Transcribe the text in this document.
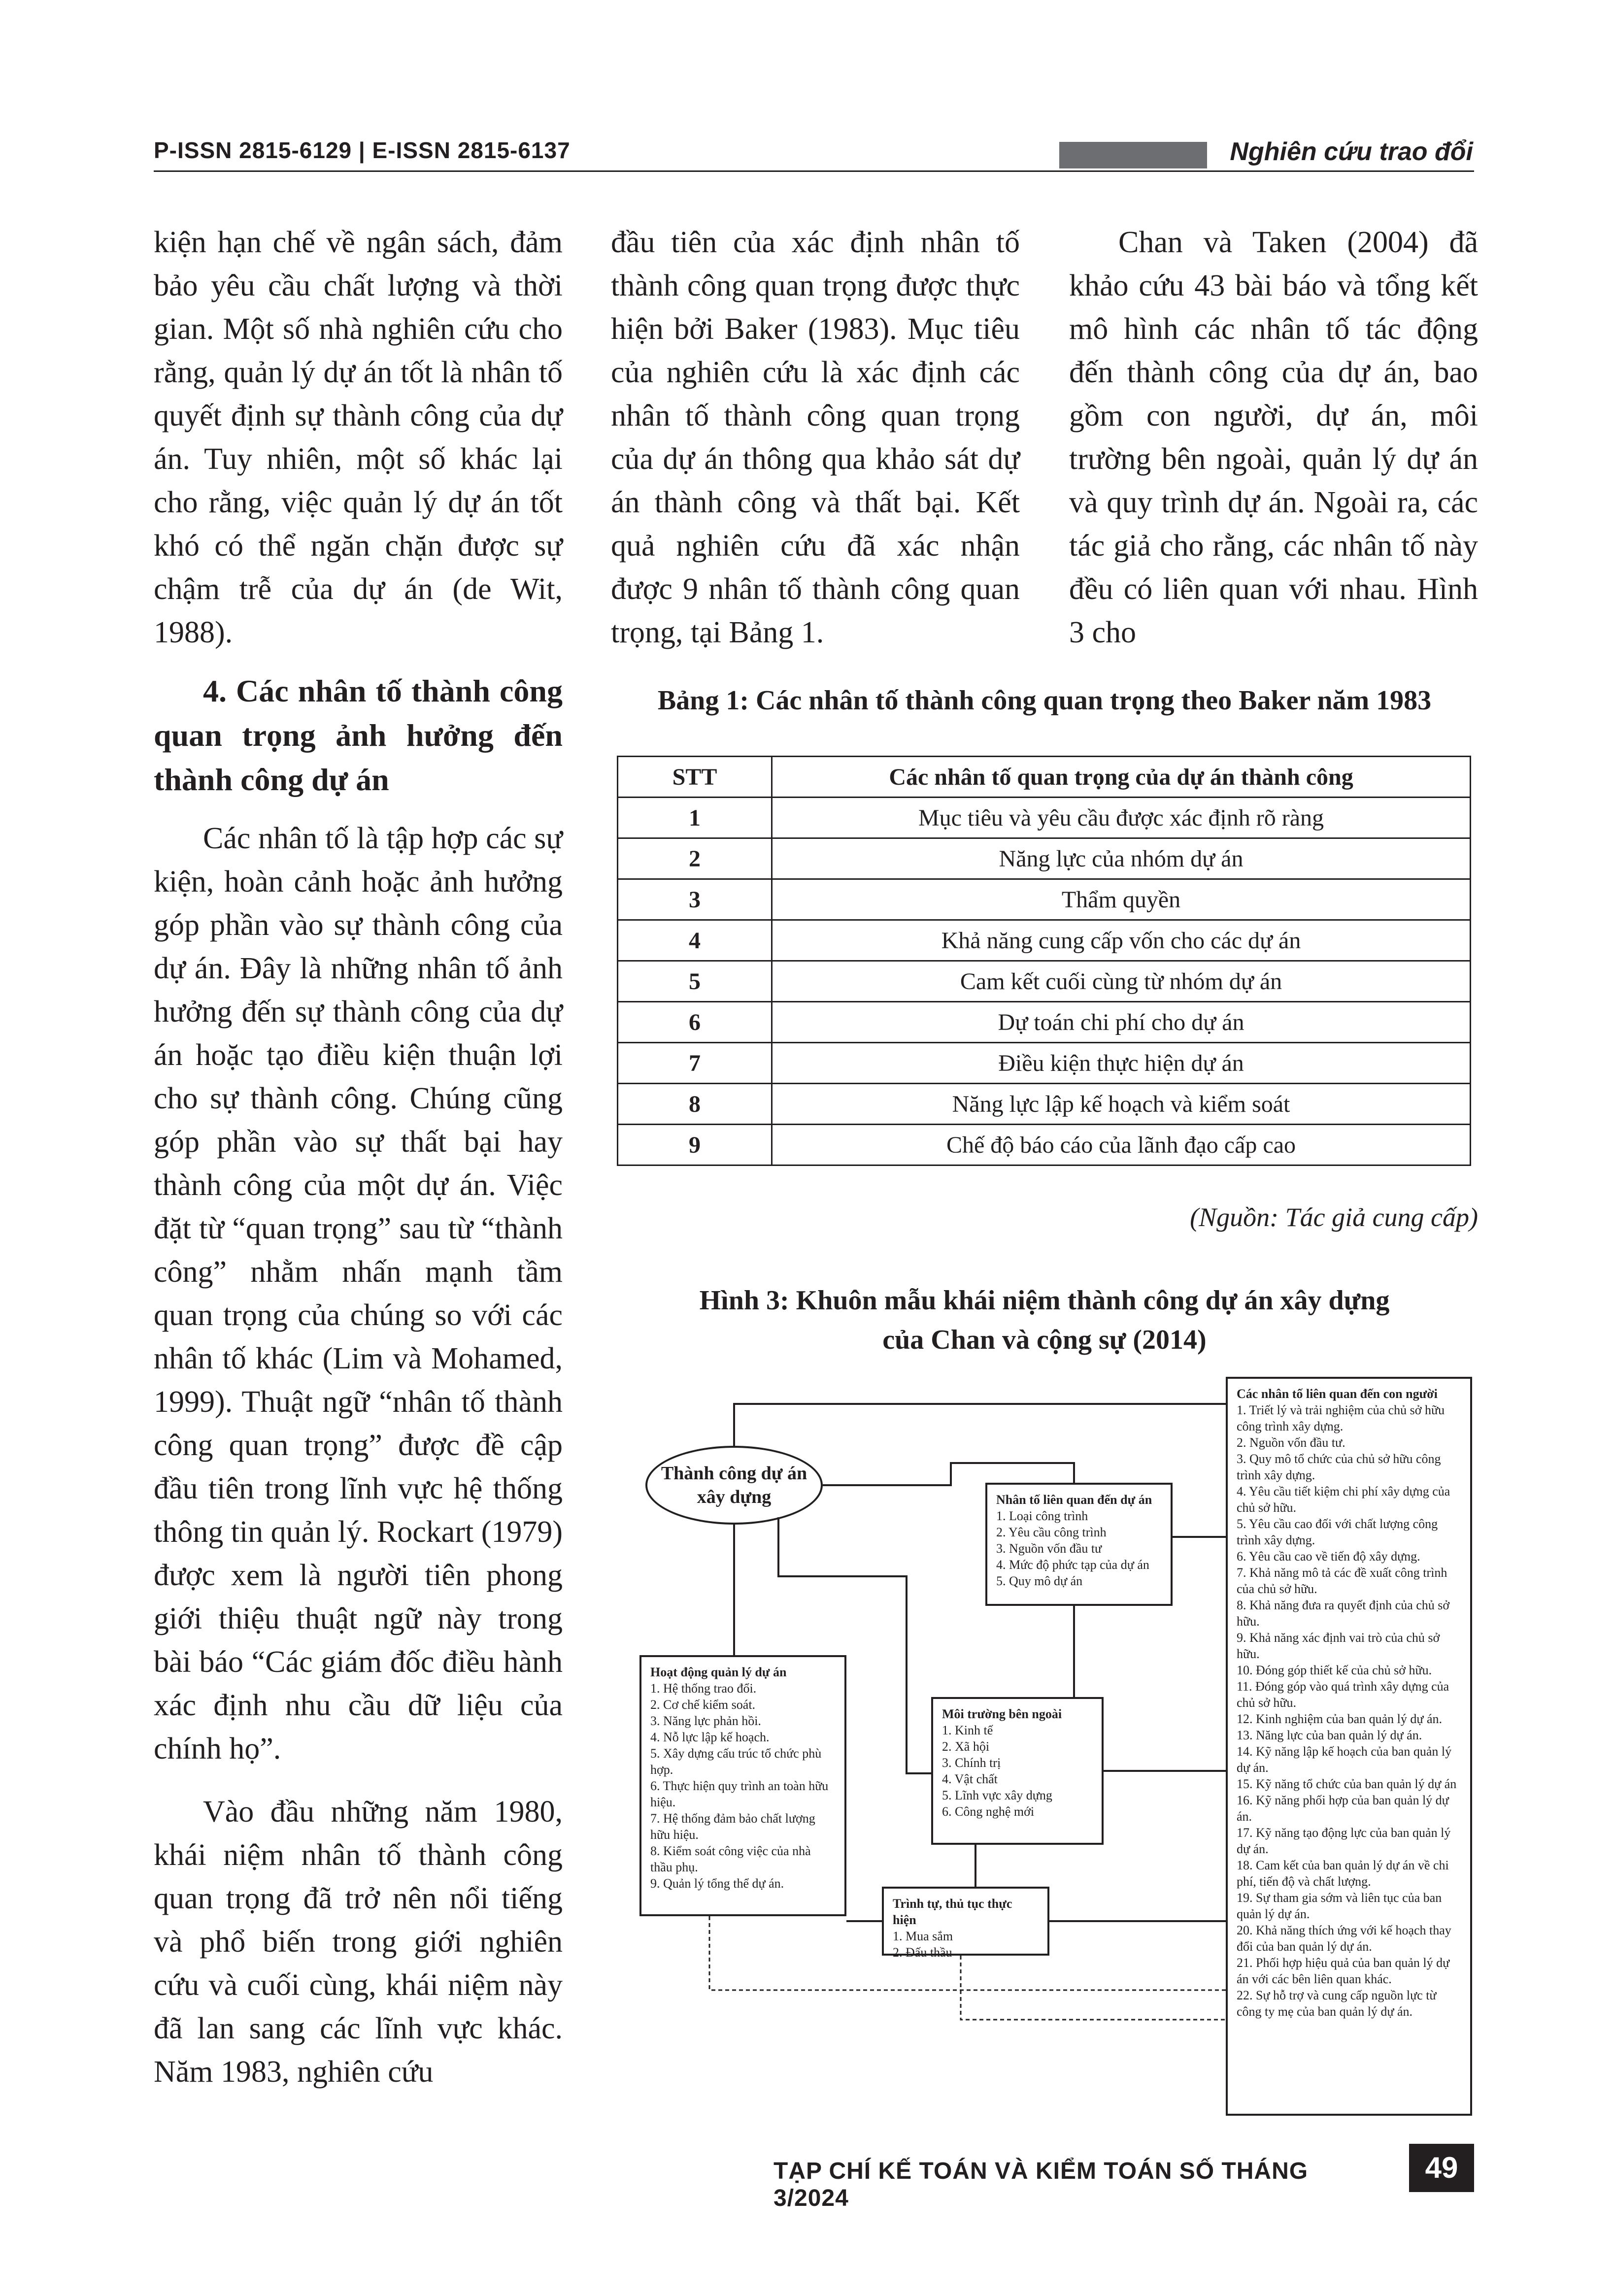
P-ISSN 2815-6129 | E-ISSN 2815-6137	Nghiên cứu trao đổi

kiện hạn chế về ngân sách, đảm bảo yêu cầu chất lượng và thời gian. Một số nhà nghiên cứu cho rằng, quản lý dự án tốt là nhân tố quyết định sự thành công của dự án. Tuy nhiên, một số khác lại cho rằng, việc quản lý dự án tốt khó có thể ngăn chặn được sự chậm trễ của dự án (de Wit, 1988).

4. Các nhân tố thành công quan trọng ảnh hưởng đến thành công dự án

Các nhân tố là tập hợp các sự kiện, hoàn cảnh hoặc ảnh hưởng góp phần vào sự thành công của dự án. Đây là những nhân tố ảnh hưởng đến sự thành công của dự án hoặc tạo điều kiện thuận lợi cho sự thành công. Chúng cũng góp phần vào sự thất bại hay thành công của một dự án. Việc đặt từ “quan trọng” sau từ “thành công” nhằm nhấn mạnh tầm quan trọng của chúng so với các nhân tố khác (Lim và Mohamed, 1999). Thuật ngữ “nhân tố thành công quan trọng” được đề cập đầu tiên trong lĩnh vực hệ thống thông tin quản lý. Rockart (1979) được xem là người tiên phong giới thiệu thuật ngữ này trong bài báo “Các giám đốc điều hành xác định nhu cầu dữ liệu của chính họ”.

Vào đầu những năm 1980, khái niệm nhân tố thành công quan trọng đã trở nên nổi tiếng và phổ biến trong giới nghiên cứu và cuối cùng, khái niệm này đã lan sang các lĩnh vực khác. Năm 1983, nghiên cứu

đầu tiên của xác định nhân tố thành công quan trọng được thực hiện bởi Baker (1983). Mục tiêu của nghiên cứu là xác định các nhân tố thành công quan trọng của dự án thông qua khảo sát dự án thành công và thất bại. Kết quả nghiên cứu đã xác nhận được 9 nhân tố thành công quan trọng, tại Bảng 1.

Chan và Taken (2004) đã khảo cứu 43 bài báo và tổng kết mô hình các nhân tố tác động đến thành công của dự án, bao gồm con người, dự án, môi trường bên ngoài, quản lý dự án và quy trình dự án. Ngoài ra, các tác giả cho rằng, các nhân tố này đều có liên quan với nhau. Hình 3 cho

Bảng 1: Các nhân tố thành công quan trọng theo Baker năm 1983
STT	Các nhân tố quan trọng của dự án thành công
1	Mục tiêu và yêu cầu được xác định rõ ràng
2	Năng lực của nhóm dự án
3	Thẩm quyền
4	Khả năng cung cấp vốn cho các dự án
5	Cam kết cuối cùng từ nhóm dự án
6	Dự toán chi phí cho dự án
7	Điều kiện thực hiện dự án
8	Năng lực lập kế hoạch và kiểm soát
9	Chế độ báo cáo của lãnh đạo cấp cao
(Nguồn: Tác giả cung cấp)
Hình 3: Khuôn mẫu khái niệm thành công dự án xây dựng
của Chan và cộng sự (2014)
Thành công dự án xây dựng	Nhân tố liên quan đến dự án
1. Loại công trình
2. Yêu cầu công trình
3. Nguồn vốn đầu tư
4. Mức độ phức tạp của dự án
5. Quy mô dự án
Hoạt động quản lý dự án
1. Hệ thống trao đổi.
2. Cơ chế kiểm soát.
3. Năng lực phản hồi.
4. Nỗ lực lập kế hoạch.
5. Xây dựng cấu trúc tổ chức phù hợp.
6. Thực hiện quy trình an toàn hữu hiệu.
7. Hệ thống đảm bảo chất lượng hữu hiệu.
8. Kiểm soát công việc của nhà thầu phụ.
9. Quản lý tổng thể dự án.
Môi trường bên ngoài
1. Kinh tế
2. Xã hội
3. Chính trị
4. Vật chất
5. Lĩnh vực xây dựng
6. Công nghệ mới
Trình tự, thủ tục thực hiện
1. Mua sắm
2. Đấu thầu
Các nhân tố liên quan đến con người
1. Triết lý và trải nghiệm của chủ sở hữu công trình xây dựng.
2. Nguồn vốn đầu tư.
3. Quy mô tổ chức của chủ sở hữu công trình xây dựng.
4. Yêu cầu tiết kiệm chi phí xây dựng của chủ sở hữu.
5. Yêu cầu cao đối với chất lượng công trình xây dựng.
6. Yêu cầu cao về tiến độ xây dựng.
7. Khả năng mô tả các đề xuất công trình của chủ sở hữu.
8. Khả năng đưa ra quyết định của chủ sở hữu.
9. Khả năng xác định vai trò của chủ sở hữu.
10. Đóng góp thiết kế của chủ sở hữu.
11. Đóng góp vào quá trình xây dựng của chủ sở hữu.
12. Kinh nghiệm của ban quản lý dự án.
13. Năng lực của ban quản lý dự án.
14. Kỹ năng lập kế hoạch của ban quản lý dự án.
15. Kỹ năng tổ chức của ban quản lý dự án
16. Kỹ năng phối hợp của ban quản lý dự án.
17. Kỹ năng tạo động lực của ban quản lý dự án.
18. Cam kết của ban quản lý dự án về chi phí, tiến độ và chất lượng.
19. Sự tham gia sớm và liên tục của ban quản lý dự án.
20. Khả năng thích ứng với kế hoạch thay đổi của ban quản lý dự án.
21. Phối hợp hiệu quả của ban quản lý dự án với các bên liên quan khác.
22. Sự hỗ trợ và cung cấp nguồn lực từ công ty mẹ của ban quản lý dự án.
TẠP CHÍ KẾ TOÁN VÀ KIỂM TOÁN SỐ THÁNG 3/2024
49
